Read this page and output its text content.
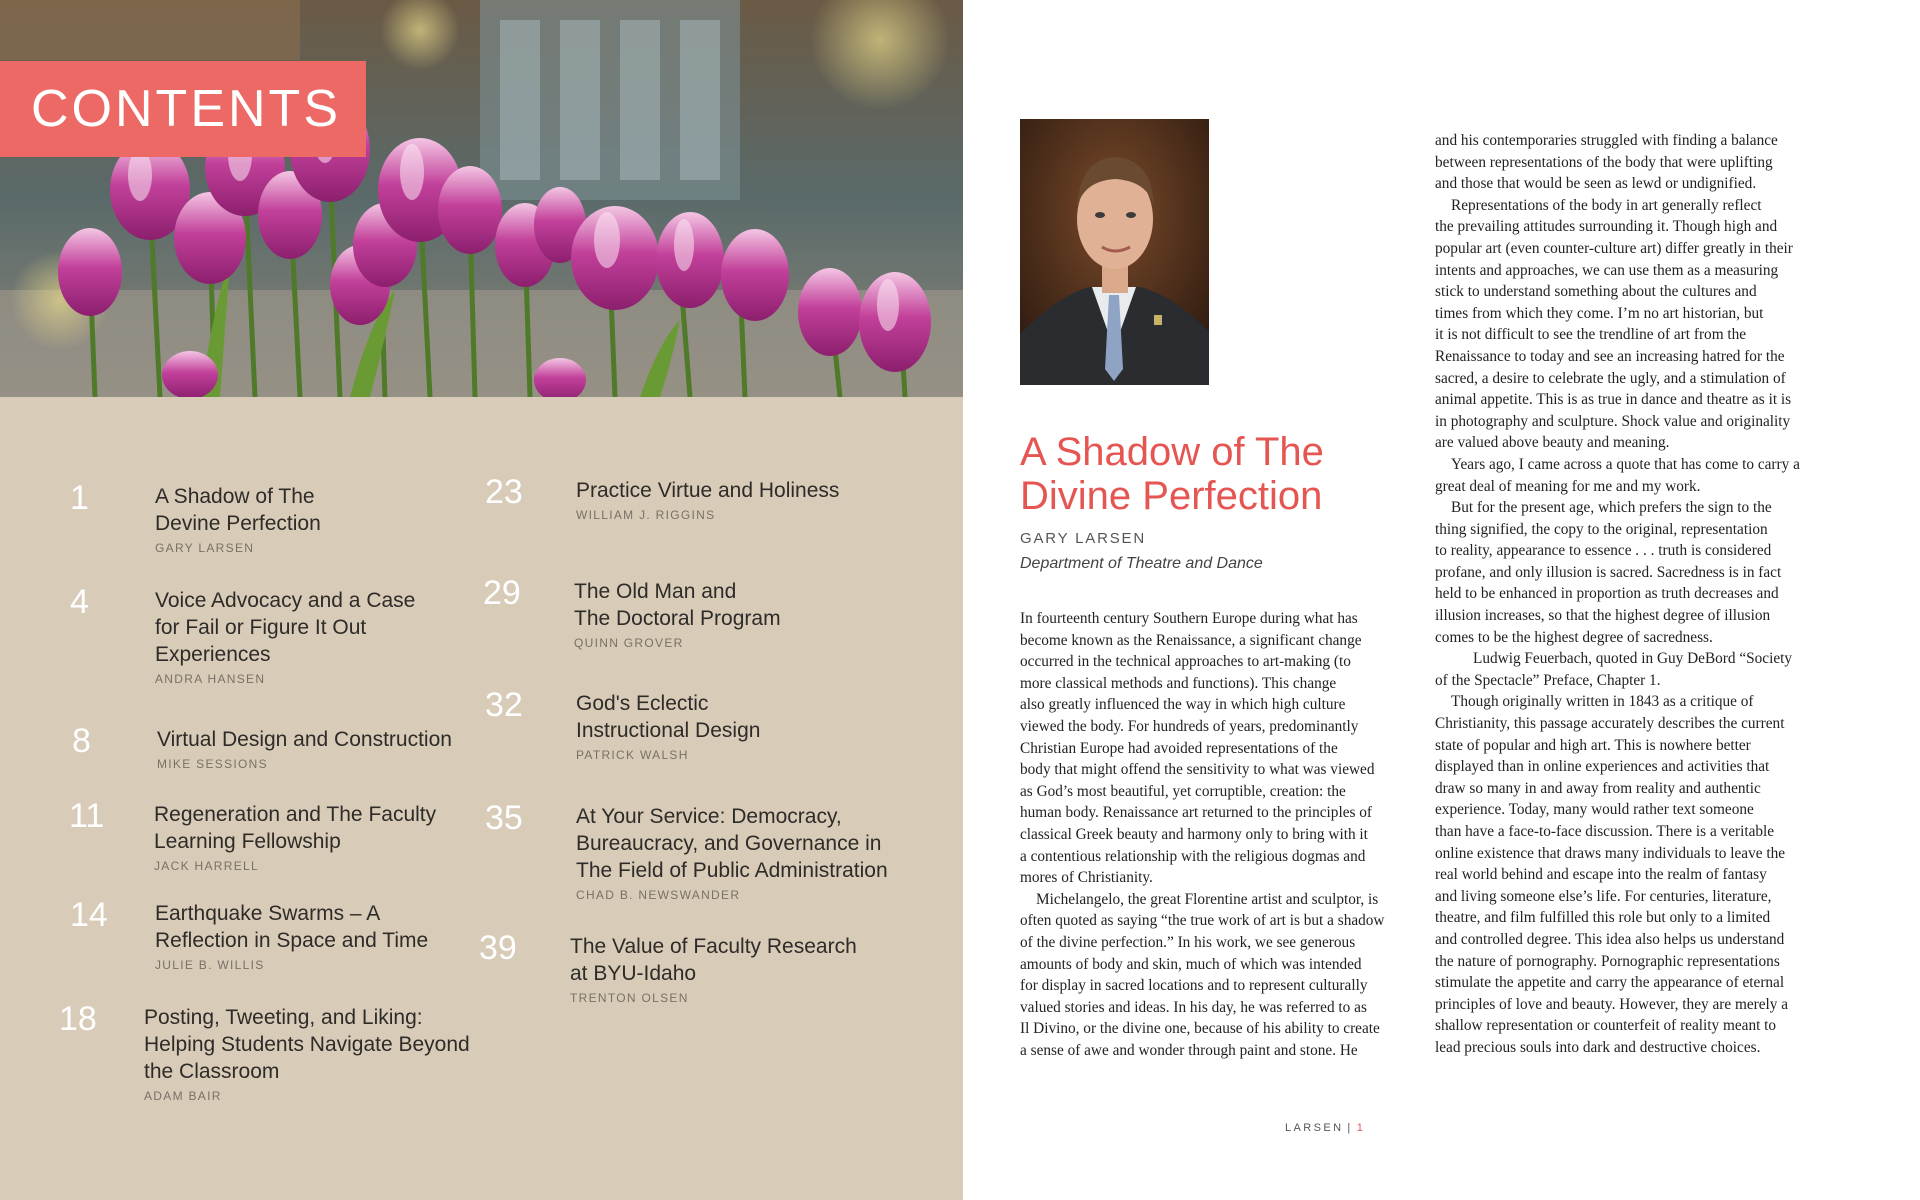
CONTENTS
1	A Shadow of The
Devine Perfection
GARY LARSEN
4	Voice Advocacy and a Case
for Fail or Figure It Out
Experiences
ANDRA HANSEN
8	Virtual Design and Construction
MIKE SESSIONS
11	Regeneration and The Faculty
Learning Fellowship
JACK HARRELL
14	Earthquake Swarms – A
Reflection in Space and Time
JULIE B. WILLIS
18	Posting, Tweeting, and Liking:
Helping Students Navigate Beyond
the Classroom
ADAM BAIR
23	Practice Virtue and Holiness
WILLIAM J. RIGGINS
29	The Old Man and
The Doctoral Program
QUINN GROVER
32	God's Eclectic
Instructional Design
PATRICK WALSH
35	At Your Service: Democracy,
Bureaucracy, and Governance in
The Field of Public Administration
CHAD B. NEWSWANDER
39	The Value of Faculty Research
at BYU-Idaho
TRENTON OLSEN
A Shadow of The
Divine Perfection
GARY LARSEN
Department of Theatre and Dance

In fourteenth century Southern Europe during what has
become known as the Renaissance, a significant change
occurred in the technical approaches to art-making (to
more classical methods and functions). This change
also greatly influenced the way in which high culture
viewed the body. For hundreds of years, predominantly
Christian Europe had avoided representations of the
body that might offend the sensitivity to what was viewed
as God’s most beautiful, yet corruptible, creation: the
human body. Renaissance art returned to the principles of
classical Greek beauty and harmony only to bring with it
a contentious relationship with the religious dogmas and
mores of Christianity.

Michelangelo, the great Florentine artist and sculptor, is
often quoted as saying “the true work of art is but a shadow
of the divine perfection.” In his work, we see generous
amounts of body and skin, much of which was intended
for display in sacred locations and to represent culturally
valued stories and ideas. In his day, he was referred to as
Il Divino, or the divine one, because of his ability to create
a sense of awe and wonder through paint and stone. He

and his contemporaries struggled with finding a balance
between representations of the body that were uplifting
and those that would be seen as lewd or undignified.

Representations of the body in art generally reflect
the prevailing attitudes surrounding it. Though high and
popular art (even counter-culture art) differ greatly in their
intents and approaches, we can use them as a measuring
stick to understand something about the cultures and
times from which they come. I’m no art historian, but
it is not difficult to see the trendline of art from the
Renaissance to today and see an increasing hatred for the
sacred, a desire to celebrate the ugly, and a stimulation of
animal appetite. This is as true in dance and theatre as it is
in photography and sculpture. Shock value and originality
are valued above beauty and meaning.

Years ago, I came across a quote that has come to carry a
great deal of meaning for me and my work.

But for the present age, which prefers the sign to the
thing signified, the copy to the original, representation
to reality, appearance to essence . . . truth is considered
profane, and only illusion is sacred. Sacredness is in fact
held to be enhanced in proportion as truth decreases and
illusion increases, so that the highest degree of illusion
comes to be the highest degree of sacredness.

Ludwig Feuerbach, quoted in Guy DeBord “Society
of the Spectacle” Preface, Chapter 1.

Though originally written in 1843 as a critique of
Christianity, this passage accurately describes the current
state of popular and high art. This is nowhere better
displayed than in online experiences and activities that
draw so many in and away from reality and authentic
experience. Today, many would rather text someone
than have a face-to-face discussion. There is a veritable
online existence that draws many individuals to leave the
real world behind and escape into the realm of fantasy
and living someone else’s life. For centuries, literature,
theatre, and film fulfilled this role but only to a limited
and controlled degree. This idea also helps us understand
the nature of pornography. Pornographic representations
stimulate the appetite and carry the appearance of eternal
principles of love and beauty. However, they are merely a
shallow representation or counterfeit of reality meant to
lead precious souls into dark and destructive choices.

LARSEN | 1
